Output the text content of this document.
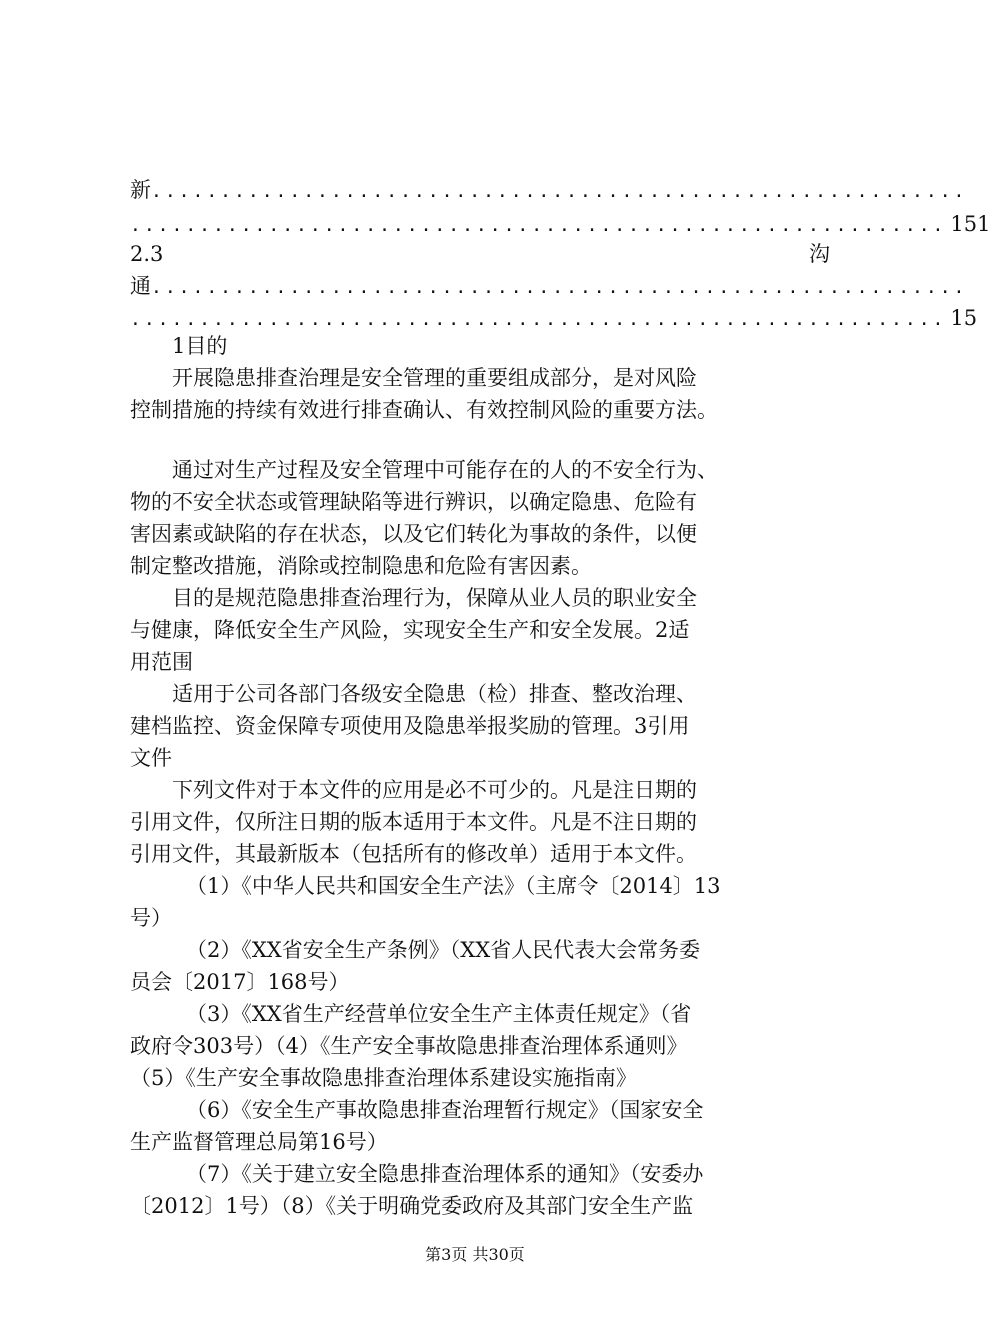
新 ...........................................................
........................................................... 151
2.3	沟
通 ...........................................................
........................................................... 15
1目的
开展隐患排查治理是安全管理的重要组成部分，是对风险
控制措施的持续有效进行排查确认、有效控制风险的重要方法。
通过对生产过程及安全管理中可能存在的人的不安全行为、
物的不安全状态或管理缺陷等进行辨识，以确定隐患、危险有
害因素或缺陷的存在状态，以及它们转化为事故的条件，以便
制定整改措施，消除或控制隐患和危险有害因素。
目的是规范隐患排查治理行为，保障从业人员的职业安全
与健康，降低安全生产风险，实现安全生产和安全发展。2适
用范围
适用于公司各部门各级安全隐患（检）排查、整改治理、
建档监控、资金保障专项使用及隐患举报奖励的管理。3引用
文件
下列文件对于本文件的应用是必不可少的。凡是注日期的
引用文件，仅所注日期的版本适用于本文件。凡是不注日期的
引用文件，其最新版本（包括所有的修改单）适用于本文件。
（1）《中华人民共和国安全生产法》（主席令〔2014〕13
号）
（2）《XX省安全生产条例》（XX省人民代表大会常务委
员会〔2017〕168号）
（3）《XX省生产经营单位安全生产主体责任规定》（省
政府令303号）（4）《生产安全事故隐患排查治理体系通则》
（5）《生产安全事故隐患排查治理体系建设实施指南》
（6）《安全生产事故隐患排查治理暂行规定》（国家安全
生产监督管理总局第16号）
（7）《关于建立安全隐患排查治理体系的通知》（安委办
〔2012〕1号）（8）《关于明确党委政府及其部门安全生产监
第3页 共30页
